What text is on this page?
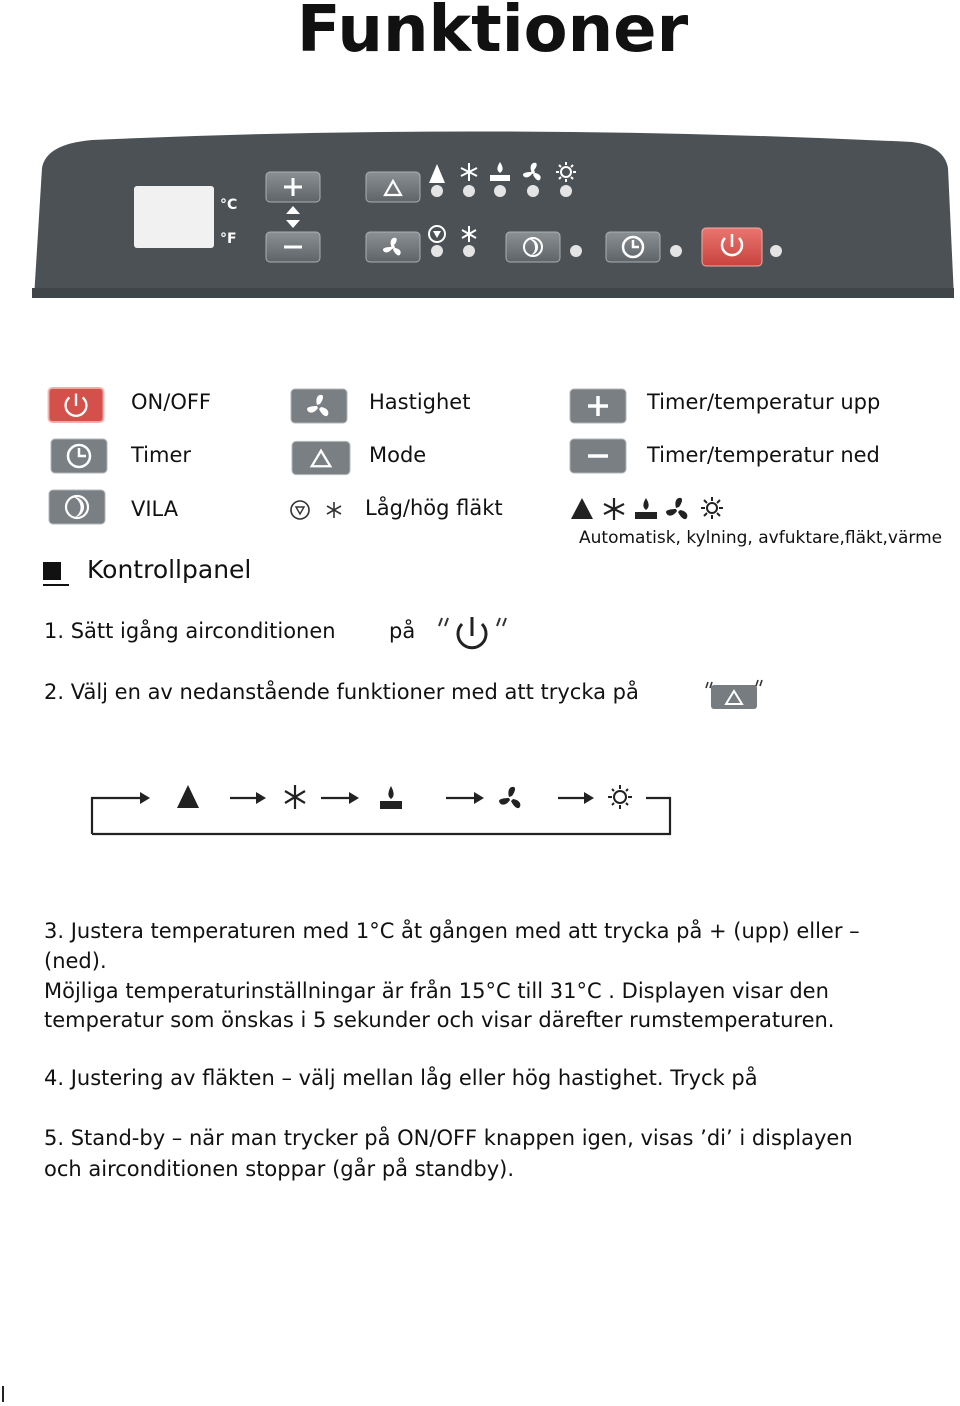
Funktioner
°C
°F
ON/OFF
Timer
VILA
Hastighet
Mode
Låg/hög fläkt
Timer/temperatur upp
Timer/temperatur ned
Automatisk, kylning, avfuktare,fläkt,värme
Kontrollpanel
1. Sätt igång airconditionen	på
2. Välj en av nedanstående funktioner med att trycka på
3. Justera temperaturen med 1°C åt gången med att trycka på + (upp) eller –
(ned).
Möjliga temperaturinställningar är från 15°C till 31°C . Displayen visar den
temperatur som önskas i 5 sekunder och visar därefter rumstemperaturen.
4. Justering av fläkten – välj mellan låg eller hög hastighet. Tryck på
5. Stand-by – när man trycker på ON/OFF knappen igen, visas ’di’ i displayen
och airconditionen stoppar (går på standby).
